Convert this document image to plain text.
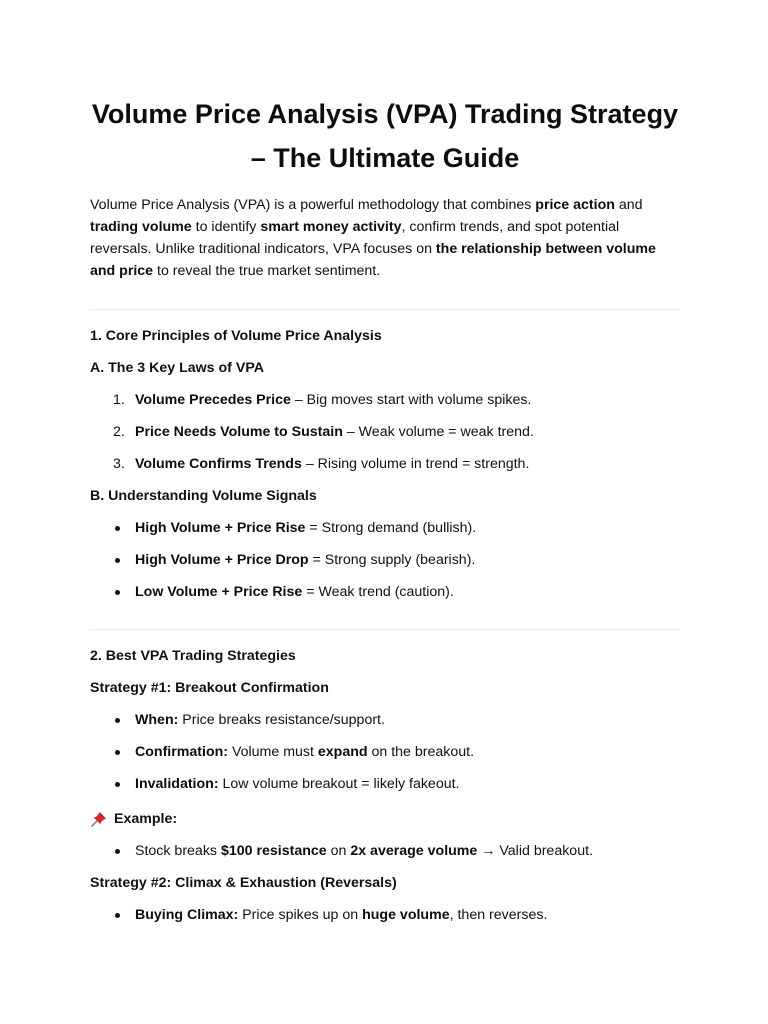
Volume Price Analysis (VPA) Trading Strategy – The Ultimate Guide

Volume Price Analysis (VPA) is a powerful methodology that combines price action and trading volume to identify smart money activity, confirm trends, and spot potential reversals. Unlike traditional indicators, VPA focuses on the relationship between volume and price to reveal the true market sentiment.

1. Core Principles of Volume Price Analysis

A. The 3 Key Laws of VPA

1. Volume Precedes Price – Big moves start with volume spikes.
2. Price Needs Volume to Sustain – Weak volume = weak trend.
3. Volume Confirms Trends – Rising volume in trend = strength.

B. Understanding Volume Signals

High Volume + Price Rise = Strong demand (bullish).
High Volume + Price Drop = Strong supply (bearish).
Low Volume + Price Rise = Weak trend (caution).

2. Best VPA Trading Strategies

Strategy #1: Breakout Confirmation

When: Price breaks resistance/support.
Confirmation: Volume must expand on the breakout.
Invalidation: Low volume breakout = likely fakeout.
Example:
Stock breaks $100 resistance on 2x average volume → Valid breakout.

Strategy #2: Climax & Exhaustion (Reversals)

Buying Climax: Price spikes up on huge volume, then reverses.
